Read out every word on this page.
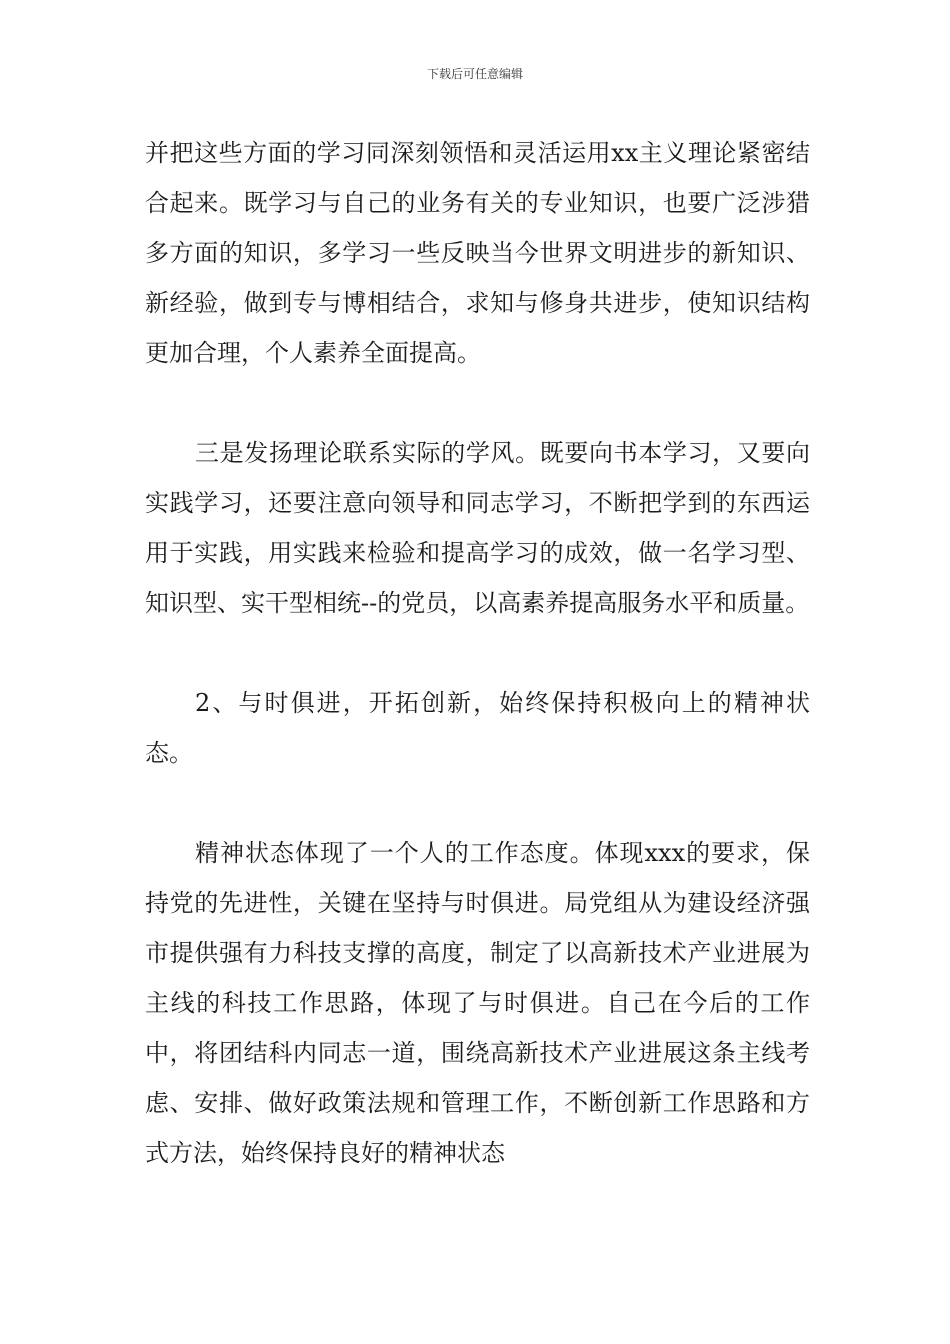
下载后可任意编辑

并把这些方面的学习同深刻领悟和灵活运用xx主义理论紧密结合起来。既学习与自己的业务有关的专业知识，也要广泛涉猎多方面的知识，多学习一些反映当今世界文明进步的新知识、新经验，做到专与博相结合，求知与修身共进步，使知识结构更加合理，个人素养全面提高。

三是发扬理论联系实际的学风。既要向书本学习，又要向实践学习，还要注意向领导和同志学习，不断把学到的东西运用于实践，用实践来检验和提高学习的成效，做一名学习型、知识型、实干型相统--的党员，以高素养提高服务水平和质量。

2、与时俱进，开拓创新，始终保持积极向上的精神状态。

精神状态体现了一个人的工作态度。体现xxx的要求，保持党的先进性，关键在坚持与时俱进。局党组从为建设经济强市提供强有力科技支撑的高度，制定了以高新技术产业进展为主线的科技工作思路，体现了与时俱进。自己在今后的工作中，将团结科内同志一道，围绕高新技术产业进展这条主线考虑、安排、做好政策法规和管理工作，不断创新工作思路和方式方法，始终保持良好的精神状态
